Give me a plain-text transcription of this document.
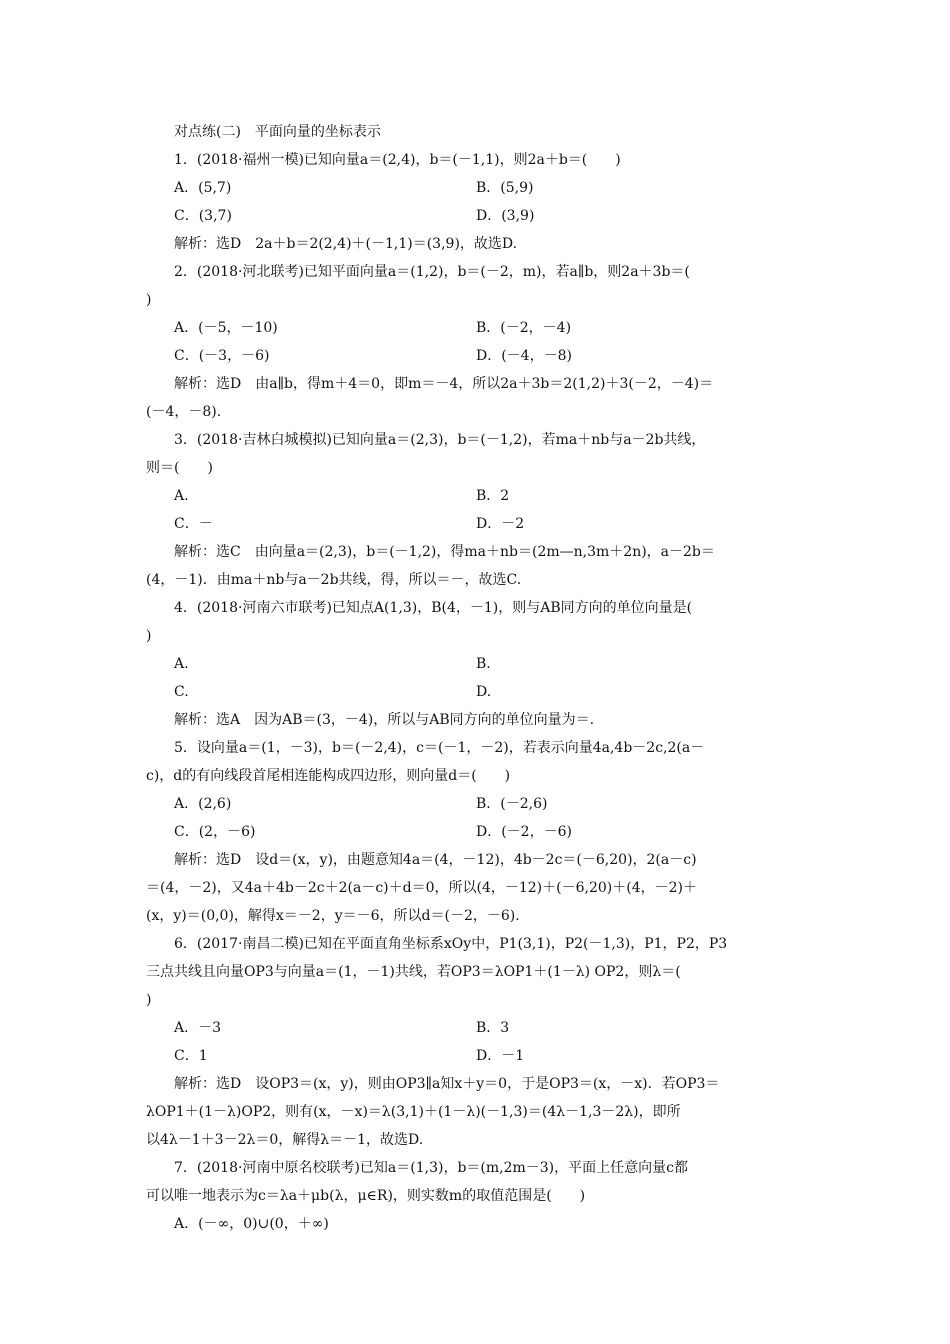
对点练(二)　平面向量的坐标表示
1．(2018·福州一模)已知向量a＝(2,4)，b＝(－1,1)，则2a＋b＝(　　)
A．(5,7)	B．(5,9)
C．(3,7)	D．(3,9)
解析：选D　2a＋b＝2(2,4)＋(－1,1)＝(3,9)，故选D.
2．(2018·河北联考)已知平面向量a＝(1,2)，b＝(－2，m)，若a∥b，则2a＋3b＝(
)
A．(－5，－10)	B．(－2，－4)
C．(－3，－6)	D．(－4，－8)
解析：选D　由a∥b，得m＋4＝0，即m＝－4，所以2a＋3b＝2(1,2)＋3(－2，－4)＝
(－4，－8).
3．(2018·吉林白城模拟)已知向量a＝(2,3)，b＝(－1,2)，若ma＋nb与a－2b共线，
则＝(　　)
A.	B．2
C．－	D．－2
解析：选C　由向量a＝(2,3)，b＝(－1,2)，得ma＋nb＝(2m—n,3m＋2n)，a－2b＝
(4，－1)．由ma＋nb与a－2b共线，得，所以＝－，故选C.
4．(2018·河南六市联考)已知点A(1,3)，B(4，－1)，则与AB同方向的单位向量是(
)
A.	B.
C.	D.
解析：选A　因为AB＝(3，－4)，所以与AB同方向的单位向量为＝.
5．设向量a＝(1，－3)，b＝(－2,4)，c＝(－1，－2)，若表示向量4a,4b－2c,2(a－
c)，d的有向线段首尾相连能构成四边形，则向量d＝(　　)
A．(2,6)	B．(－2,6)
C．(2，－6)	D．(－2，－6)
解析：选D　设d＝(x，y)，由题意知4a＝(4，－12)，4b－2c＝(－6,20)，2(a－c)
＝(4，－2)，又4a＋4b－2c＋2(a－c)＋d＝0，所以(4，－12)＋(－6,20)＋(4，－2)＋
(x，y)＝(0,0)，解得x＝－2，y＝－6，所以d＝(－2，－6).
6．(2017·南昌二模)已知在平面直角坐标系xOy中，P1(3,1)，P2(－1,3)，P1，P2，P3
三点共线且向量OP3与向量a＝(1，－1)共线，若OP3＝λOP1＋(1－λ) OP2，则λ＝(
)
A．－3	B．3
C．1	D．－1
解析：选D　设OP3＝(x，y)，则由OP3∥a知x＋y＝0，于是OP3＝(x，－x)．若OP3＝
λOP1＋(1－λ)OP2，则有(x，－x)＝λ(3,1)＋(1－λ)(－1,3)＝(4λ－1,3－2λ)，即所
以4λ－1＋3－2λ＝0，解得λ＝－1，故选D.
7．(2018·河南中原名校联考)已知a＝(1,3)，b＝(m,2m－3)，平面上任意向量c都
可以唯一地表示为c＝λa＋μb(λ，μ∈R)，则实数m的取值范围是(　　)
A．(－∞，0)∪(0，＋∞)
